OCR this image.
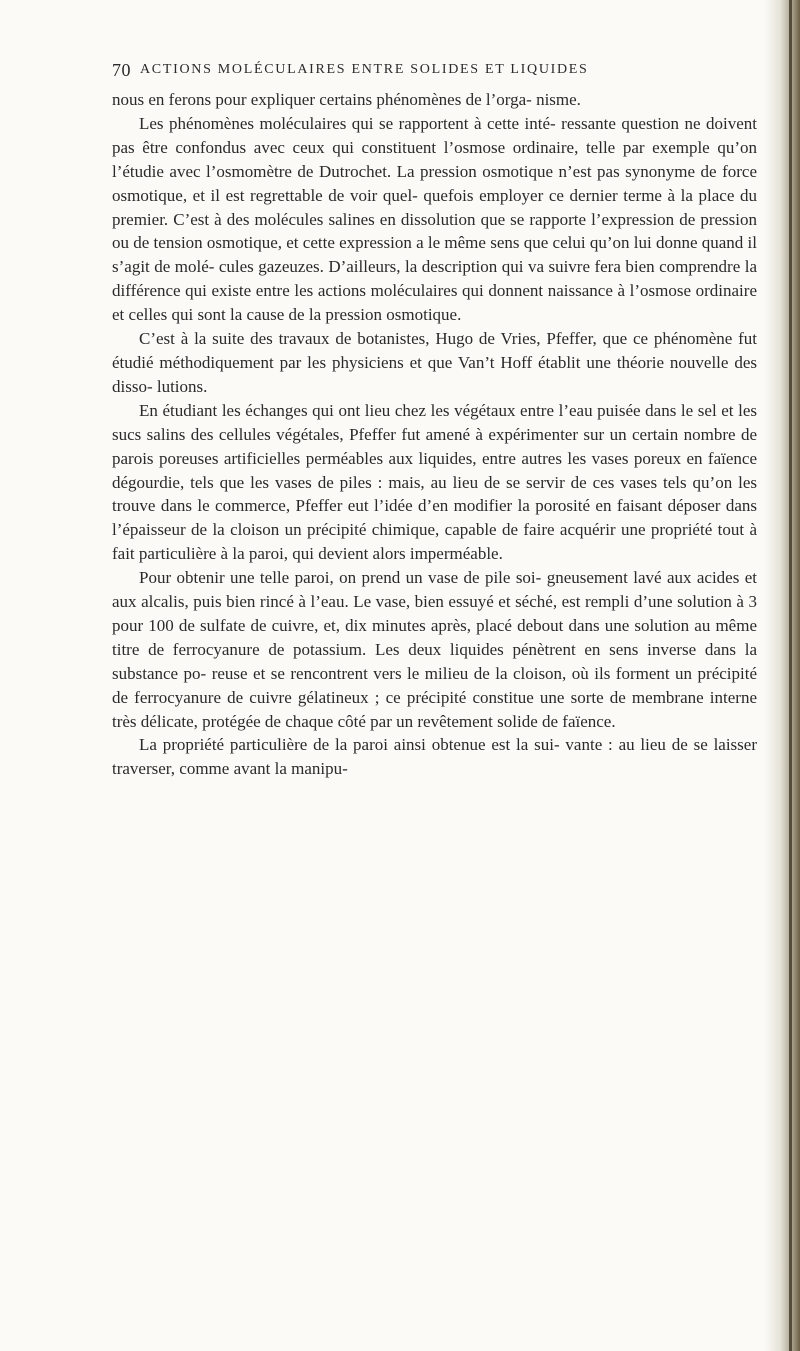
70 ACTIONS MOLÉCULAIRES ENTRE SOLIDES ET LIQUIDES

nous en ferons pour expliquer certains phénomènes de l’orga- nisme.

Les phénomènes moléculaires qui se rapportent à cette inté- ressante question ne doivent pas être confondus avec ceux qui constituent l’osmose ordinaire, telle par exemple qu’on l’étudie avec l’osmomètre de Dutrochet. La pression osmotique n’est pas synonyme de force osmotique, et il est regrettable de voir quel- quefois employer ce dernier terme à la place du premier. C’est à des molécules salines en dissolution que se rapporte l’expression de pression ou de tension osmotique, et cette expression a le même sens que celui qu’on lui donne quand il s’agit de molé- cules gazeuzes. D’ailleurs, la description qui va suivre fera bien comprendre la différence qui existe entre les actions moléculaires qui donnent naissance à l’osmose ordinaire et celles qui sont la cause de la pression osmotique.

C’est à la suite des travaux de botanistes, Hugo de Vries, Pfeffer, que ce phénomène fut étudié méthodiquement par les physiciens et que Van’t Hoff établit une théorie nouvelle des disso- lutions.

En étudiant les échanges qui ont lieu chez les végétaux entre l’eau puisée dans le sel et les sucs salins des cellules végétales, Pfeffer fut amené à expérimenter sur un certain nombre de parois poreuses artificielles perméables aux liquides, entre autres les vases poreux en faïence dégourdie, tels que les vases de piles : mais, au lieu de se servir de ces vases tels qu’on les trouve dans le commerce, Pfeffer eut l’idée d’en modifier la porosité en faisant déposer dans l’épaisseur de la cloison un précipité chimique, capable de faire acquérir une propriété tout à fait particulière à la paroi, qui devient alors imperméable.

Pour obtenir une telle paroi, on prend un vase de pile soi- gneusement lavé aux acides et aux alcalis, puis bien rincé à l’eau. Le vase, bien essuyé et séché, est rempli d’une solution à 3 pour 100 de sulfate de cuivre, et, dix minutes après, placé debout dans une solution au même titre de ferrocyanure de potassium. Les deux liquides pénètrent en sens inverse dans la substance po- reuse et se rencontrent vers le milieu de la cloison, où ils forment un précipité de ferrocyanure de cuivre gélatineux ; ce précipité constitue une sorte de membrane interne très délicate, protégée de chaque côté par un revêtement solide de faïence.

La propriété particulière de la paroi ainsi obtenue est la sui- vante : au lieu de se laisser traverser, comme avant la manipu-
